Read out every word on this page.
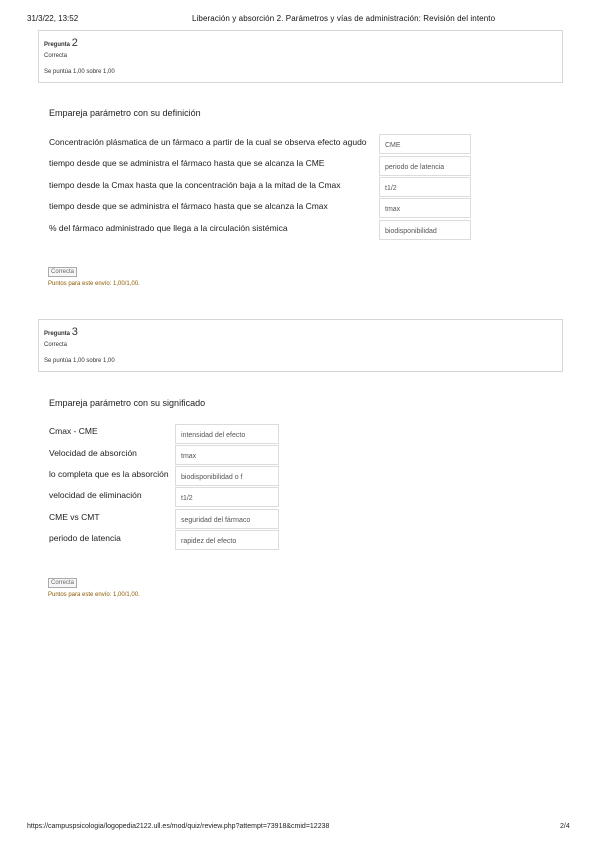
31/3/22, 13:52	Liberación y absorción 2. Parámetros y vías de administración: Revisión del intento
Pregunta 2
Correcta
Se puntúa 1,00 sobre 1,00
Empareja parámetro con su definición
Concentración plásmatica de un fármaco a partir de la cual se observa efecto agudo	CME
tiempo desde que se administra el fármaco hasta que se alcanza la CME	periodo de latencia
tiempo desde la Cmax hasta que la concentración baja a la mitad de la Cmax	t1/2
tiempo desde que se administra el fármaco hasta que se alcanza la Cmax	tmax
% del fármaco administrado que llega a la circulación sistémica	biodisponibilidad
Correcta
Puntos para este envío: 1,00/1,00.
Pregunta 3
Correcta
Se puntúa 1,00 sobre 1,00
Empareja parámetro con su significado
Cmax - CME	intensidad del efecto
Velocidad de absorción	tmax
lo completa que es la absorción	biodisponibilidad o f
velocidad de eliminación	t1/2
CME vs CMT	seguridad del fármaco
periodo de latencia	rapidez del efecto
Correcta
Puntos para este envío: 1,00/1,00.
https://campuspsicologia/logopedia2122.ull.es/mod/quiz/review.php?attempt=73918&cmid=12238	2/4
